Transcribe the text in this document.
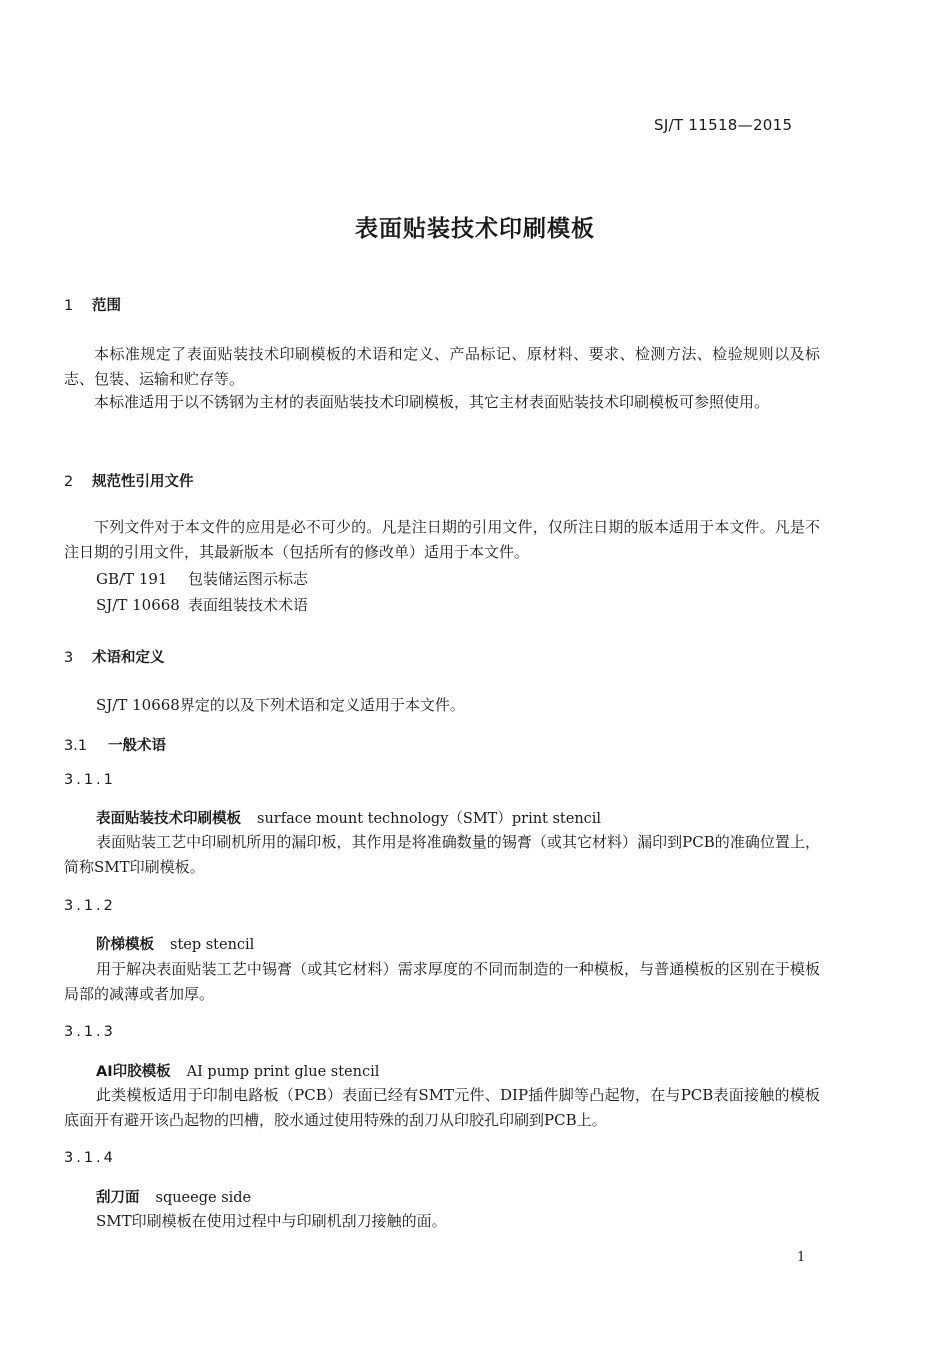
SJ/T 11518—2015
表面贴装技术印刷模板
1 范围
本标准规定了表面贴装技术印刷模板的术语和定义、产品标记、原材料、要求、检测方法、检验规则以及标志、包装、运输和贮存等。
本标准适用于以不锈钢为主材的表面贴装技术印刷模板，其它主材表面贴装技术印刷模板可参照使用。
2 规范性引用文件
下列文件对于本文件的应用是必不可少的。凡是注日期的引用文件，仅所注日期的版本适用于本文件。凡是不注日期的引用文件，其最新版本（包括所有的修改单）适用于本文件。
GB/T 191 包装储运图示标志
SJ/T 10668 表面组装技术术语
3 术语和定义
SJ/T 10668界定的以及下列术语和定义适用于本文件。
3.1 一般术语
3.1.1
表面贴装技术印刷模板 surface mount technology（SMT）print stencil
表面贴装工艺中印刷机所用的漏印板，其作用是将准确数量的锡膏（或其它材料）漏印到PCB的准确位置上，简称SMT印刷模板。
3.1.2
阶梯模板 step stencil
用于解决表面贴装工艺中锡膏（或其它材料）需求厚度的不同而制造的一种模板，与普通模板的区别在于模板局部的减薄或者加厚。
3.1.3
AI印胶模板 AI pump print glue stencil
此类模板适用于印制电路板（PCB）表面已经有SMT元件、DIP插件脚等凸起物，在与PCB表面接触的模板底面开有避开该凸起物的凹槽，胶水通过使用特殊的刮刀从印胶孔印刷到PCB上。
3.1.4
刮刀面 squeege side
SMT印刷模板在使用过程中与印刷机刮刀接触的面。
1
